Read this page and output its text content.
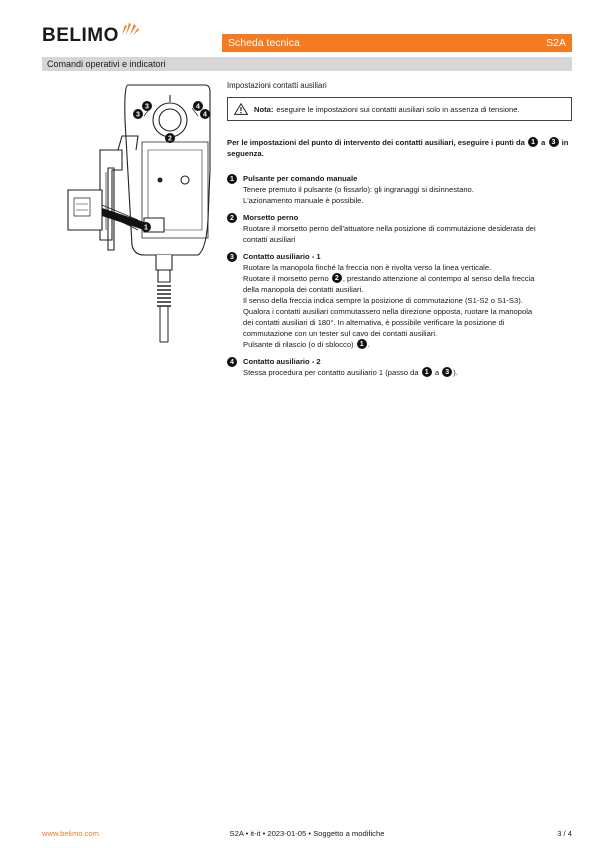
BELIMO	Scheda tecnica	S2A
Comandi operativi e indicatori
3
3
4
4
2
1
Impostazioni contatti ausiliari
Nota: eseguire le impostazioni sui contatti ausiliari solo in assenza di tensione.
Per le impostazioni del punto di intervento dei contatti ausiliari, eseguire i punti da 1 a 3 in
seguenza.
1	Pulsante per comando manuale
Tenere premuto il pulsante (o fissarlo): gli ingranaggi si disinnestano.
L'azionamento manuale è possibile.
2	Morsetto perno
Ruotare il morsetto perno dell'attuatore nella posizione di commutazione desiderata dei
contatti ausiliari
3	Contatto ausiliario - 1
Ruotare la manopola finché la freccia non è rivolta verso la linea verticale.
Ruotare il morsetto perno 2 , prestando attenzione al contempo al senso della freccia
della manopola dei contatti ausiliari.
Il senso della freccia indica sempre la posizione di commutazione (S1-S2 o S1-S3).
Qualora i contatti ausiliari commutassero nella direzione opposta, ruotare la manopola
dei contatti ausiliari di 180°. In alternativa, è possibile verificare la posizione di
commutazione con un tester sul cavo dei contatti ausiliari.
Pulsante di rilascio (o di sblocco) 1 .
4	Contatto ausiliario - 2
Stessa procedura per contatto ausiliario 1 (passo da 1 a 3 ).
www.belimo.com	S2A • it-it • 2023-01-05 • Soggetto a modifiche	3 / 4
